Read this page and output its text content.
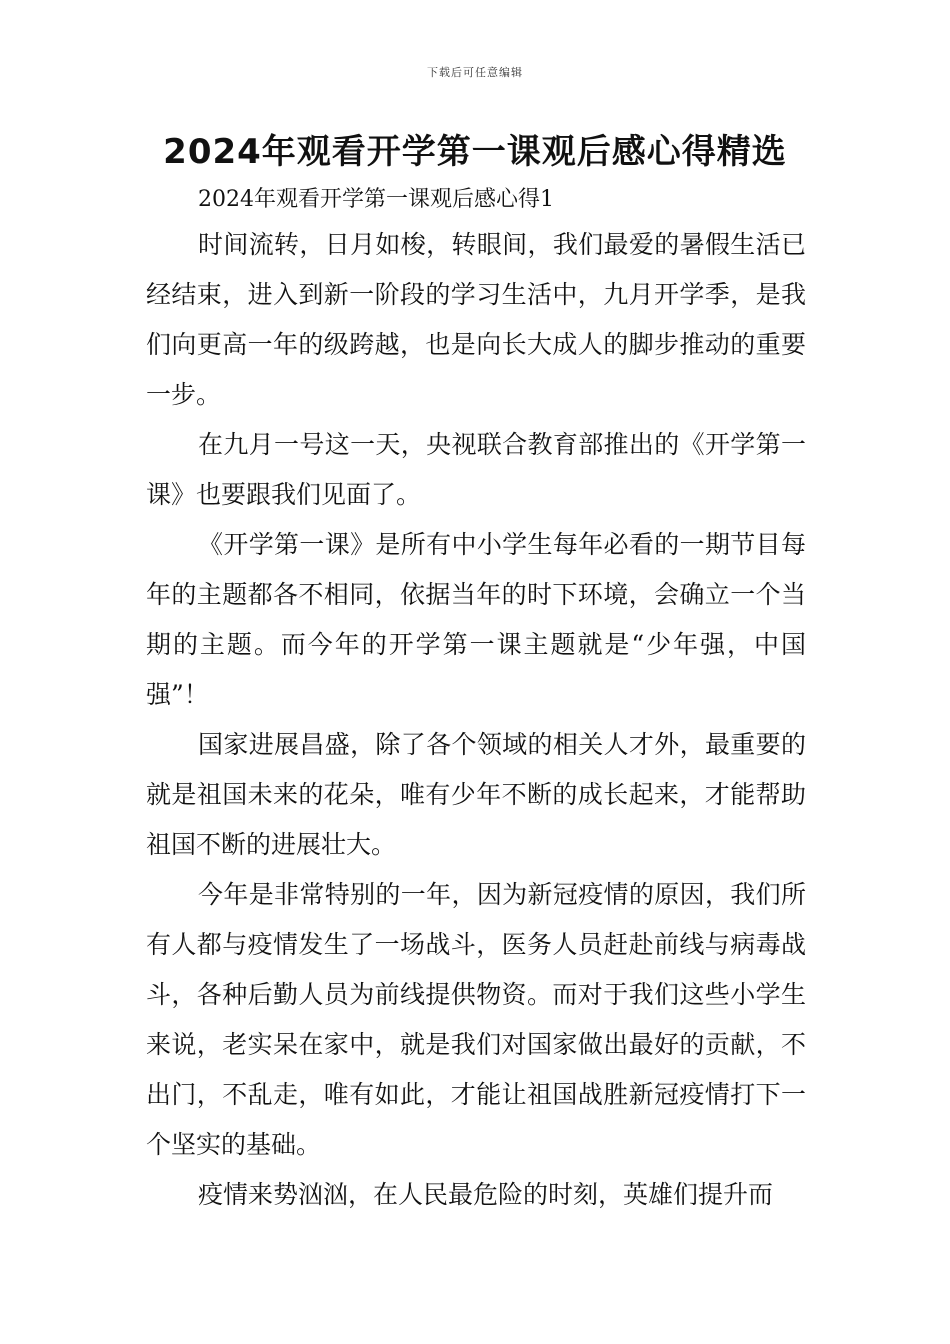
下载后可任意编辑
2024年观看开学第一课观后感心得精选

2024年观看开学第一课观后感心得1

时间流转，日月如梭，转眼间，我们最爱的暑假生活已经结束，进入到新一阶段的学习生活中，九月开学季，是我们向更高一年的级跨越，也是向长大成人的脚步推动的重要一步。

在九月一号这一天，央视联合教育部推出的《开学第一课》也要跟我们见面了。

《开学第一课》是所有中小学生每年必看的一期节目每年的主题都各不相同，依据当年的时下环境，会确立一个当期的主题。而今年的开学第一课主题就是“少年强，中国强”！

国家进展昌盛，除了各个领域的相关人才外，最重要的就是祖国未来的花朵，唯有少年不断的成长起来，才能帮助祖国不断的进展壮大。

今年是非常特别的一年，因为新冠疫情的原因，我们所有人都与疫情发生了一场战斗，医务人员赶赴前线与病毒战斗，各种后勤人员为前线提供物资。而对于我们这些小学生来说，老实呆在家中，就是我们对国家做出最好的贡献，不出门，不乱走，唯有如此，才能让祖国战胜新冠疫情打下一个坚实的基础。

疫情来势汹汹，在人民最危险的时刻，英雄们提升而
